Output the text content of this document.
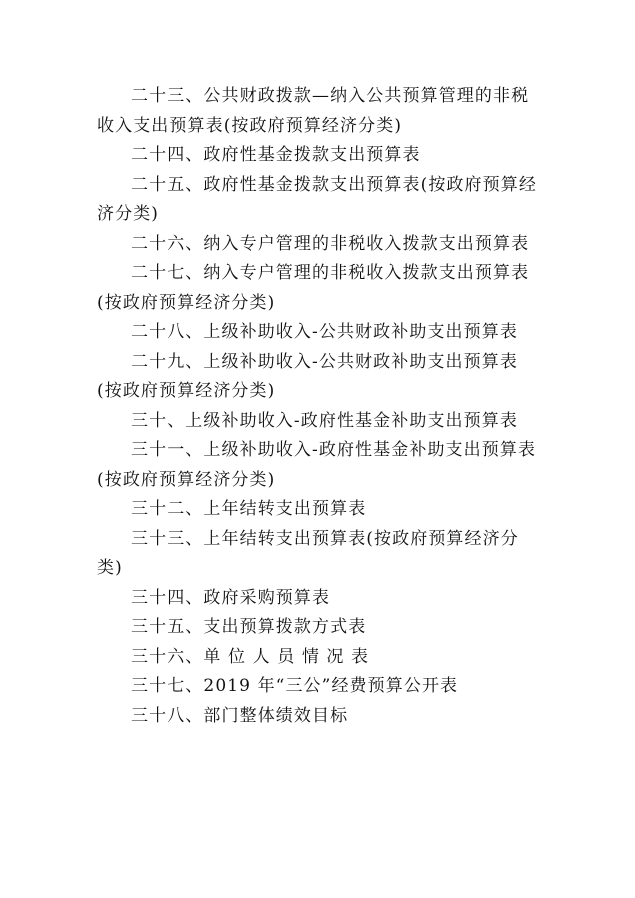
二十三、公共财政拨款—纳入公共预算管理的非税收入支出预算表(按政府预算经济分类)

二十四、政府性基金拨款支出预算表

二十五、政府性基金拨款支出预算表(按政府预算经济分类)

二十六、纳入专户管理的非税收入拨款支出预算表

二十七、纳入专户管理的非税收入拨款支出预算表(按政府预算经济分类)

二十八、上级补助收入-公共财政补助支出预算表

二十九、上级补助收入-公共财政补助支出预算表(按政府预算经济分类)

三十、上级补助收入-政府性基金补助支出预算表

三十一、上级补助收入-政府性基金补助支出预算表(按政府预算经济分类)

三十二、上年结转支出预算表

三十三、上年结转支出预算表(按政府预算经济分类)

三十四、政府采购预算表

三十五、支出预算拨款方式表

三十六、单 位 人 员 情 况 表

三十七、2019 年“三公”经费预算公开表

三十八、部门整体绩效目标
